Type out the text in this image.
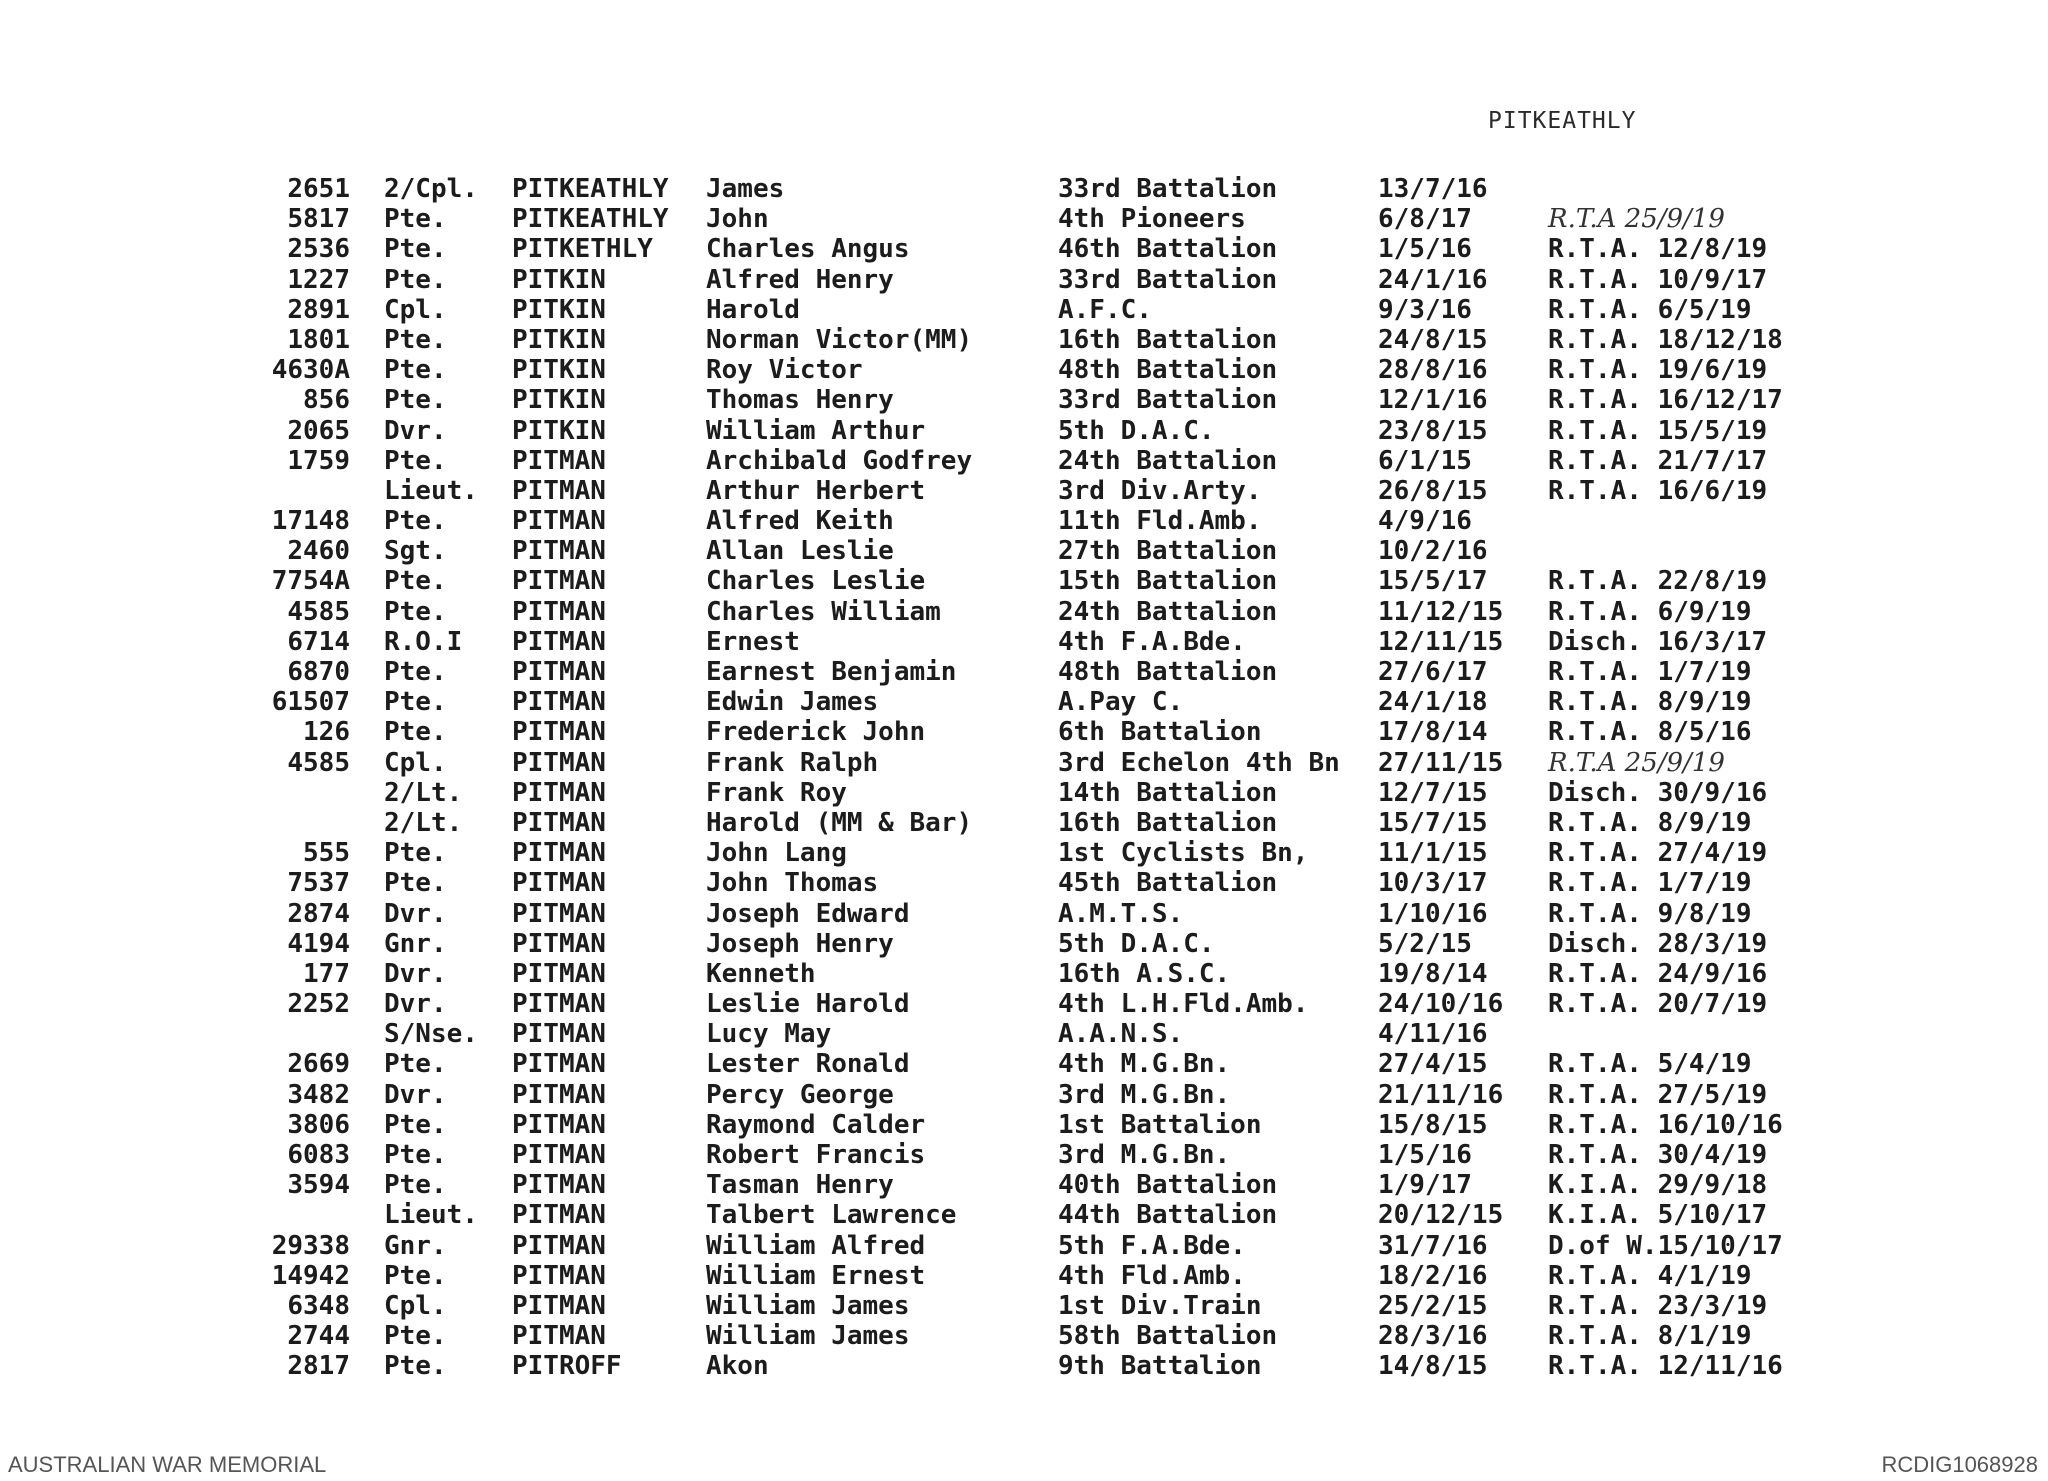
PITKEATHLY
2651 2/Cpl. PITKEATHLY James	33rd Battalion	13/7/16
5817 Pte.	PITKEATHLY John	4th Pioneers	6/8/17	R.T.A 25/9/19
2536 Pte.	PITKETHLY Charles Angus	46th Battalion	1/5/16	R.T.A. 12/8/19
1227 Pte.	PITKIN	Alfred Henry	33rd Battalion	24/1/16 R.T.A. 10/9/17
2891 Cpl.	PITKIN	Harold	A.F.C.	9/3/16	R.T.A. 6/5/19
1801 Pte.	PITKIN	Norman Victor(MM)	16th Battalion	24/8/15 R.T.A. 18/12/18
4630A Pte.	PITKIN	Roy Victor	48th Battalion	28/8/16 R.T.A. 19/6/19
856 Pte.	PITKIN	Thomas Henry	33rd Battalion	12/1/16 R.T.A. 16/12/17
2065 Dvr.	PITKIN	William Arthur	5th D.A.C.	23/8/15 R.T.A. 15/5/19
1759 Pte.	PITMAN	Archibald Godfrey	24th Battalion	6/1/15	R.T.A. 21/7/17
Lieut. PITMAN	Arthur Herbert	3rd Div.Arty.	26/8/15 R.T.A. 16/6/19
17148 Pte.	PITMAN	Alfred Keith	11th Fld.Amb.	4/9/16
2460 Sgt.	PITMAN	Allan Leslie	27th Battalion	10/2/16
7754A Pte.	PITMAN	Charles Leslie	15th Battalion	15/5/17 R.T.A. 22/8/19
4585 Pte.	PITMAN	Charles William	24th Battalion	11/12/15 R.T.A. 6/9/19
6714 R.O.I PITMAN	Ernest	4th F.A.Bde.	12/11/15 Disch. 16/3/17
6870 Pte.	PITMAN	Earnest Benjamin	48th Battalion	27/6/17 R.T.A. 1/7/19
61507 Pte.	PITMAN	Edwin James	A.Pay C.	24/1/18 R.T.A. 8/9/19
126 Pte.	PITMAN	Frederick John	6th Battalion	17/8/14 R.T.A. 8/5/16
4585 Cpl.	PITMAN	Frank Ralph	3rd Echelon 4th Bn 27/11/15 R.T.A 25/9/19
2/Lt. PITMAN	Frank Roy	14th Battalion	12/7/15 Disch. 30/9/16
2/Lt. PITMAN	Harold (MM & Bar)	16th Battalion	15/7/15 R.T.A. 8/9/19
555 Pte.	PITMAN	John Lang	1st Cyclists Bn,	11/1/15 R.T.A. 27/4/19
7537 Pte.	PITMAN	John Thomas	45th Battalion	10/3/17 R.T.A. 1/7/19
2874 Dvr.	PITMAN	Joseph Edward	A.M.T.S.	1/10/16 R.T.A. 9/8/19
4194 Gnr.	PITMAN	Joseph Henry	5th D.A.C.	5/2/15	Disch. 28/3/19
177 Dvr.	PITMAN	Kenneth	16th A.S.C.	19/8/14 R.T.A. 24/9/16
2252 Dvr.	PITMAN	Leslie Harold	4th L.H.Fld.Amb.	24/10/16 R.T.A. 20/7/19
S/Nse. PITMAN	Lucy May	A.A.N.S.	4/11/16
2669 Pte.	PITMAN	Lester Ronald	4th M.G.Bn.	27/4/15 R.T.A. 5/4/19
3482 Dvr.	PITMAN	Percy George	3rd M.G.Bn.	21/11/16 R.T.A. 27/5/19
3806 Pte.	PITMAN	Raymond Calder	1st Battalion	15/8/15 R.T.A. 16/10/16
6083 Pte.	PITMAN	Robert Francis	3rd M.G.Bn.	1/5/16	R.T.A. 30/4/19
3594 Pte.	PITMAN	Tasman Henry	40th Battalion	1/9/17	K.I.A. 29/9/18
Lieut. PITMAN	Talbert Lawrence	44th Battalion	20/12/15 K.I.A. 5/10/17
29338 Gnr.	PITMAN	William Alfred	5th F.A.Bde.	31/7/16 D.of W.15/10/17
14942 Pte.	PITMAN	William Ernest	4th Fld.Amb.	18/2/16 R.T.A. 4/1/19
6348 Cpl.	PITMAN	William James	1st Div.Train	25/2/15 R.T.A. 23/3/19
2744 Pte.	PITMAN	William James	58th Battalion	28/3/16 R.T.A. 8/1/19
2817 Pte.	PITROFF	Akon	9th Battalion	14/8/15 R.T.A. 12/11/16
AUSTRALIAN WAR MEMORIAL	RCDIG1068928
